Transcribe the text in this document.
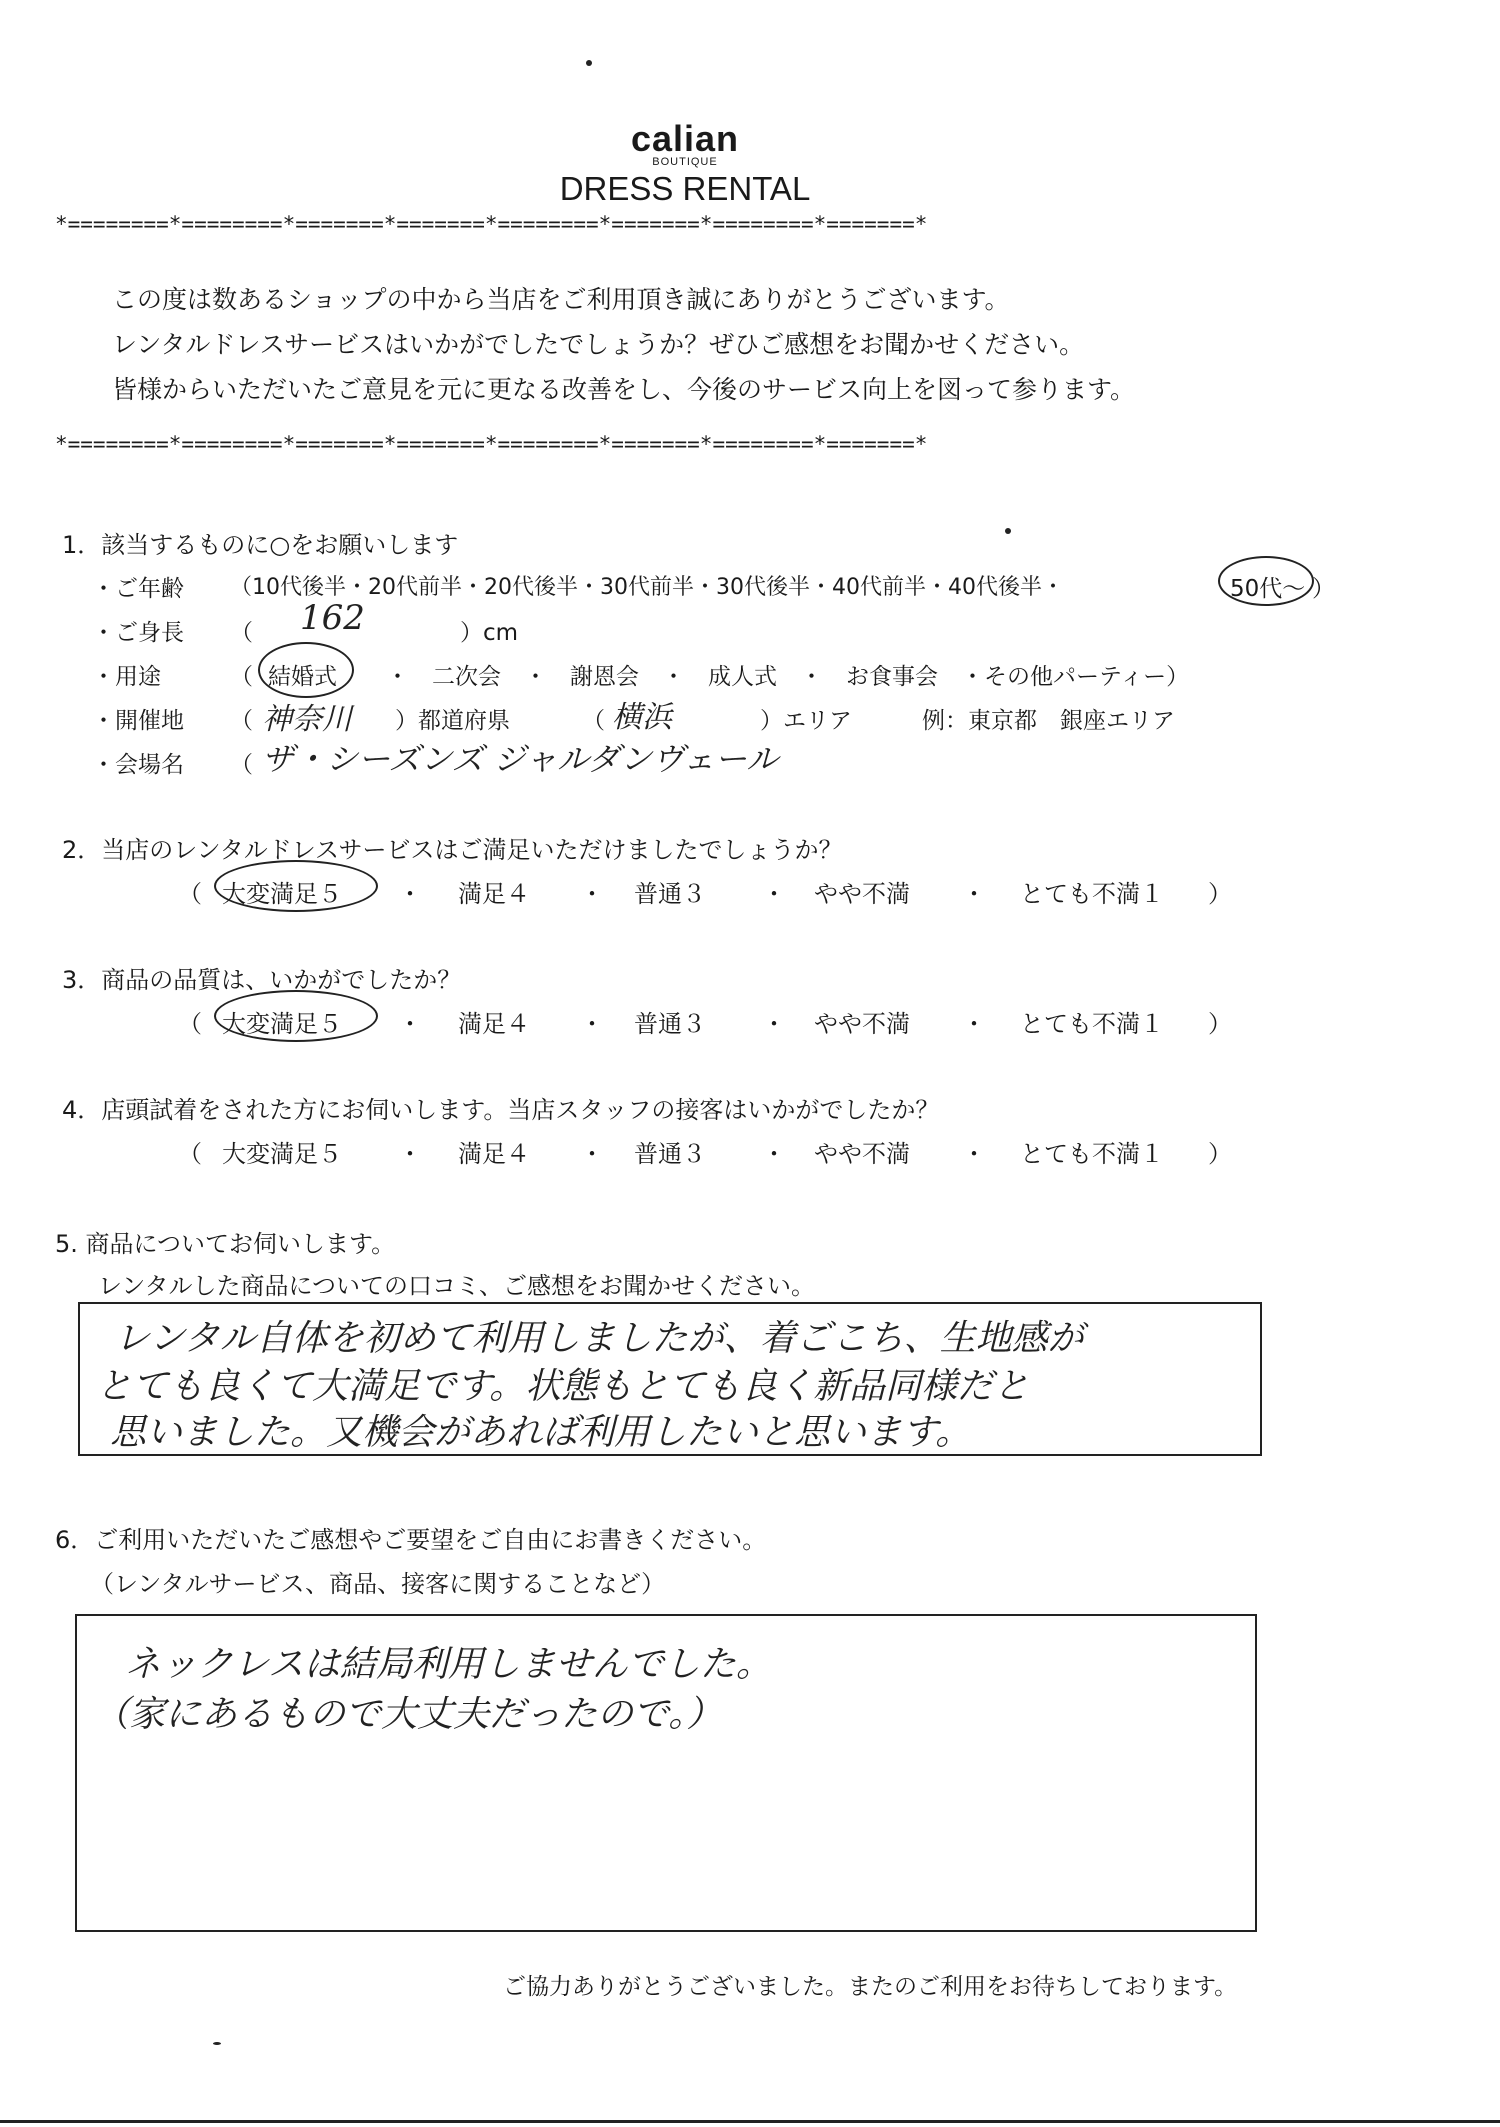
calian
BOUTIQUE
DRESS RENTAL
*========*========*=======*=======*========*=======*========*=======*
この度は数あるショップの中から当店をご利用頂き誠にありがとうございます。
レンタルドレスサービスはいかがでしたでしょうか？ぜひご感想をお聞かせください。
皆様からいただいたご意見を元に更なる改善をし、今後のサービス向上を図って参ります。
*========*========*=======*=======*========*=======*========*=======*
1．該当するものに○をお願いします
・ご年齢 （10代後半・20代前半・20代後半・30代前半・30代後半・40代前半・40代後半・	50代〜 ）
・ご身長 （ 162	）cm
・用途	（ 結婚式 ・　二次会　・　謝恩会　・　成人式　・　お食事会　・その他パーティー）
・開催地 （ 神奈川 ）都道府県	（ 横浜	）エリア	例：東京都　銀座エリア
・会場名 （ ザ・シーズンズ ジャルダンヴェール
2．当店のレンタルドレスサービスはご満足いただけましたでしょうか？
（ 大変満足５ ・ 満足４ ・ 普通３ ・ やや不満 ・ とても不満１ ）
3．商品の品質は、いかがでしたか？
（ 大変満足５ ・ 満足４ ・ 普通３ ・ やや不満 ・ とても不満１ ）
4．店頭試着をされた方にお伺いします。当店スタッフの接客はいかがでしたか？
（ 大変満足５ ・ 満足４ ・ 普通３ ・ やや不満 ・ とても不満１ ）
5. 商品についてお伺いします。
レンタルした商品についての口コミ、ご感想をお聞かせください。
レンタル自体を初めて利用しましたが、着ごこち、生地感が
とても良くて大満足です。状態もとても良く新品同様だと
思いました。又機会があれば利用したいと思います。
6．ご利用いただいたご感想やご要望をご自由にお書きください。
（レンタルサービス、商品、接客に関することなど）
ネックレスは結局利用しませんでした。
（家にあるもので大丈夫だったので。）
ご協力ありがとうございました。またのご利用をお待ちしております。
